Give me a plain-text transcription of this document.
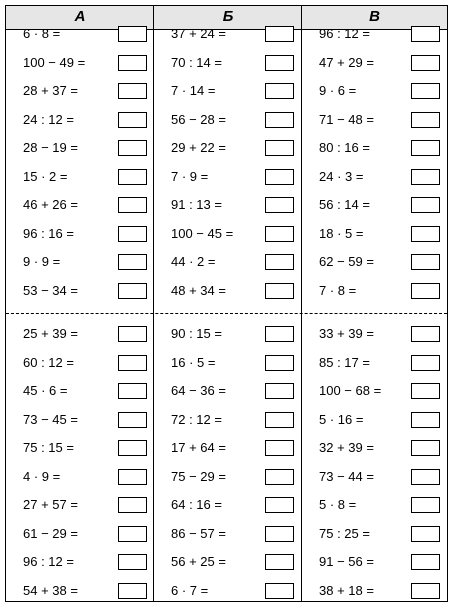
А	Б	В
6 · 8 =
100 − 49 =
28 + 37 =
24 : 12 =
28 − 19 =
15 · 2 =
46 + 26 =
96 : 16 =
9 · 9 =
53 − 34 =
25 + 39 =
60 : 12 =
45 · 6 =
73 − 45 =
75 : 15 =
4 · 9 =
27 + 57 =
61 − 29 =
96 : 12 =
54 + 38 =
37 + 24 =
70 : 14 =
7 · 14 =
56 − 28 =
29 + 22 =
7 · 9 =
91 : 13 =
100 − 45 =
44 · 2 =
48 + 34 =
90 : 15 =
16 · 5 =
64 − 36 =
72 : 12 =
17 + 64 =
75 − 29 =
64 : 16 =
86 − 57 =
56 + 25 =
6 · 7 =
96 : 12 =
47 + 29 =
9 · 6 =
71 − 48 =
80 : 16 =
24 · 3 =
56 : 14 =
18 · 5 =
62 − 59 =
7 · 8 =
33 + 39 =
85 : 17 =
100 − 68 =
5 · 16 =
32 + 39 =
73 − 44 =
5 · 8 =
75 : 25 =
91 − 56 =
38 + 18 =
